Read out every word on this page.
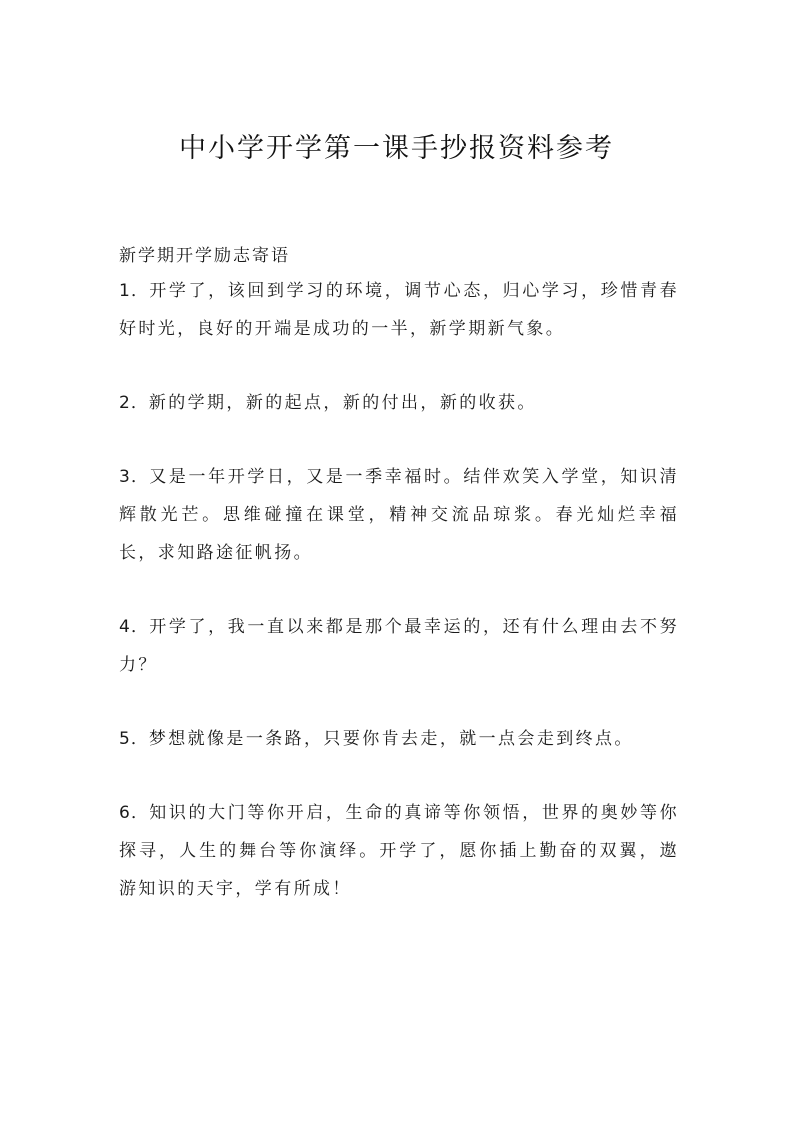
中小学开学第一课手抄报资料参考

新学期开学励志寄语

1．开学了，该回到学习的环境，调节心态，归心学习，珍惜青春好时光，良好的开端是成功的一半，新学期新气象。

2．新的学期，新的起点，新的付出，新的收获。

3．又是一年开学日，又是一季幸福时。结伴欢笑入学堂，知识清辉散光芒。思维碰撞在课堂，精神交流品琼浆。春光灿烂幸福长，求知路途征帆扬。

4．开学了，我一直以来都是那个最幸运的，还有什么理由去不努力？

5．梦想就像是一条路，只要你肯去走，就一点会走到终点。

6．知识的大门等你开启，生命的真谛等你领悟，世界的奥妙等你探寻，人生的舞台等你演绎。开学了，愿你插上勤奋的双翼，遨游知识的天宇，学有所成！
